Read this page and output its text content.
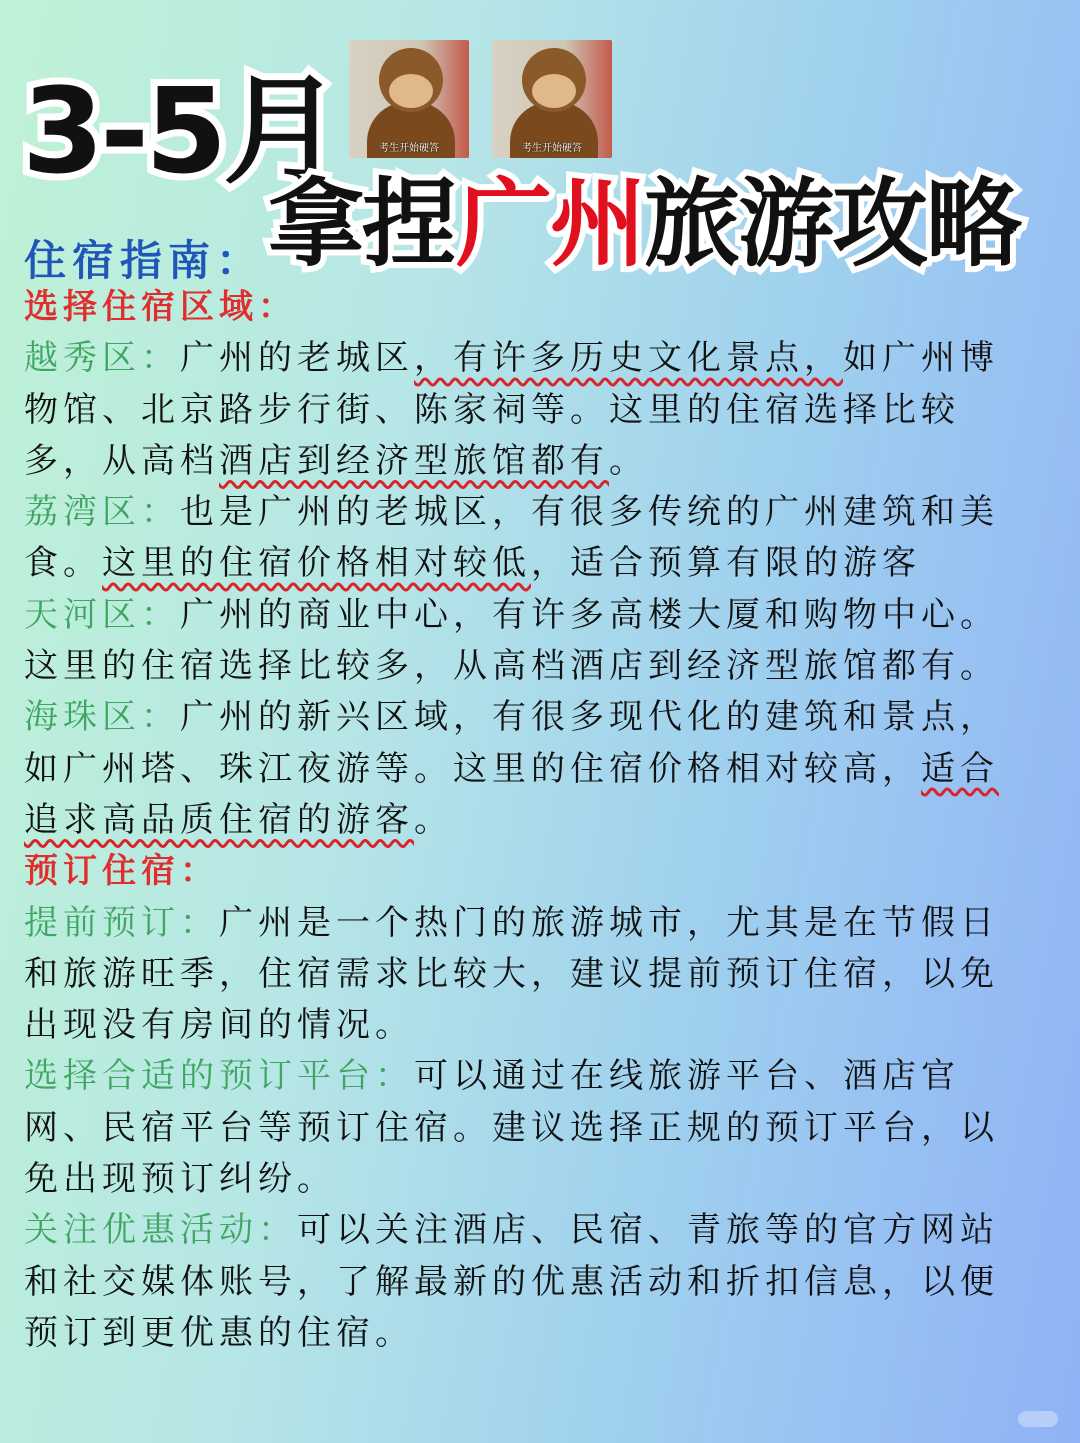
3-5月	考生开始硬答	考生开始硬答
拿捏广州旅游攻略
住宿指南：

选择住宿区域：

越秀区：广州的老城区，有许多历史文化景点，如广州博物馆、北京路步行街、陈家祠等。这里的住宿选择比较多，从高档酒店到经济型旅馆都有。

荔湾区：也是广州的老城区，有很多传统的广州建筑和美食。这里的住宿价格相对较低，适合预算有限的游客

天河区：广州的商业中心，有许多高楼大厦和购物中心。这里的住宿选择比较多，从高档酒店到经济型旅馆都有。

海珠区：广州的新兴区域，有很多现代化的建筑和景点，如广州塔、珠江夜游等。这里的住宿价格相对较高，适合追求高品质住宿的游客。

预订住宿：

提前预订：广州是一个热门的旅游城市，尤其是在节假日和旅游旺季，住宿需求比较大，建议提前预订住宿，以免出现没有房间的情况。

选择合适的预订平台：可以通过在线旅游平台、酒店官网、民宿平台等预订住宿。建议选择正规的预订平台，以免出现预订纠纷。

关注优惠活动：可以关注酒店、民宿、青旅等的官方网站和社交媒体账号，了解最新的优惠活动和折扣信息，以便预订到更优惠的住宿。
